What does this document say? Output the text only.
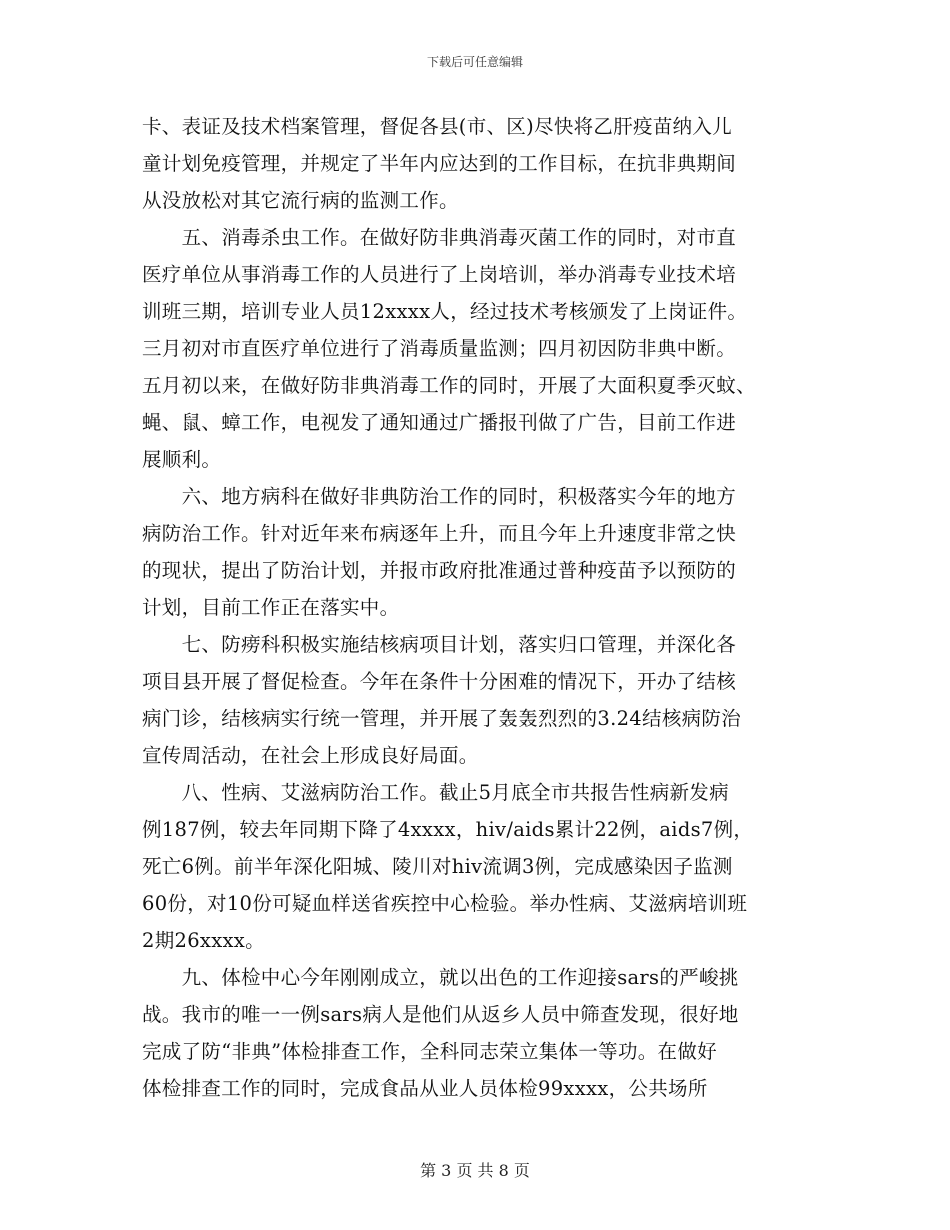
下载后可任意编辑
卡、表证及技术档案管理，督促各县(市、区)尽快将乙肝疫苗纳入儿
童计划免疫管理，并规定了半年内应达到的工作目标，在抗非典期间
从没放松对其它流行病的监测工作。
　　五、消毒杀虫工作。在做好防非典消毒灭菌工作的同时，对市直
医疗单位从事消毒工作的人员进行了上岗培训，举办消毒专业技术培
训班三期，培训专业人员12xxxx人，经过技术考核颁发了上岗证件。
三月初对市直医疗单位进行了消毒质量监测；四月初因防非典中断。
五月初以来，在做好防非典消毒工作的同时，开展了大面积夏季灭蚊、
蝇、鼠、蟑工作，电视发了通知通过广播报刊做了广告，目前工作进
展顺利。
　　六、地方病科在做好非典防治工作的同时，积极落实今年的地方
病防治工作。针对近年来布病逐年上升，而且今年上升速度非常之快
的现状，提出了防治计划，并报市政府批准通过普种疫苗予以预防的
计划，目前工作正在落实中。
　　七、防痨科积极实施结核病项目计划，落实归口管理，并深化各
项目县开展了督促检查。今年在条件十分困难的情况下，开办了结核
病门诊，结核病实行统一管理，并开展了轰轰烈烈的3.24结核病防治
宣传周活动，在社会上形成良好局面。
　　八、性病、艾滋病防治工作。截止5月底全市共报告性病新发病
例187例，较去年同期下降了4xxxx，hiv/aids累计22例，aids7例，
死亡6例。前半年深化阳城、陵川对hiv流调3例，完成感染因子监测
60份，对10份可疑血样送省疾控中心检验。举办性病、艾滋病培训班
2期26xxxx。
　　九、体检中心今年刚刚成立，就以出色的工作迎接sars的严峻挑
战。我市的唯一一例sars病人是他们从返乡人员中筛查发现，很好地
完成了防“非典”体检排查工作，全科同志荣立集体一等功。在做好
体检排查工作的同时，完成食品从业人员体检99xxxx，公共场所
第 3 页 共 8 页
